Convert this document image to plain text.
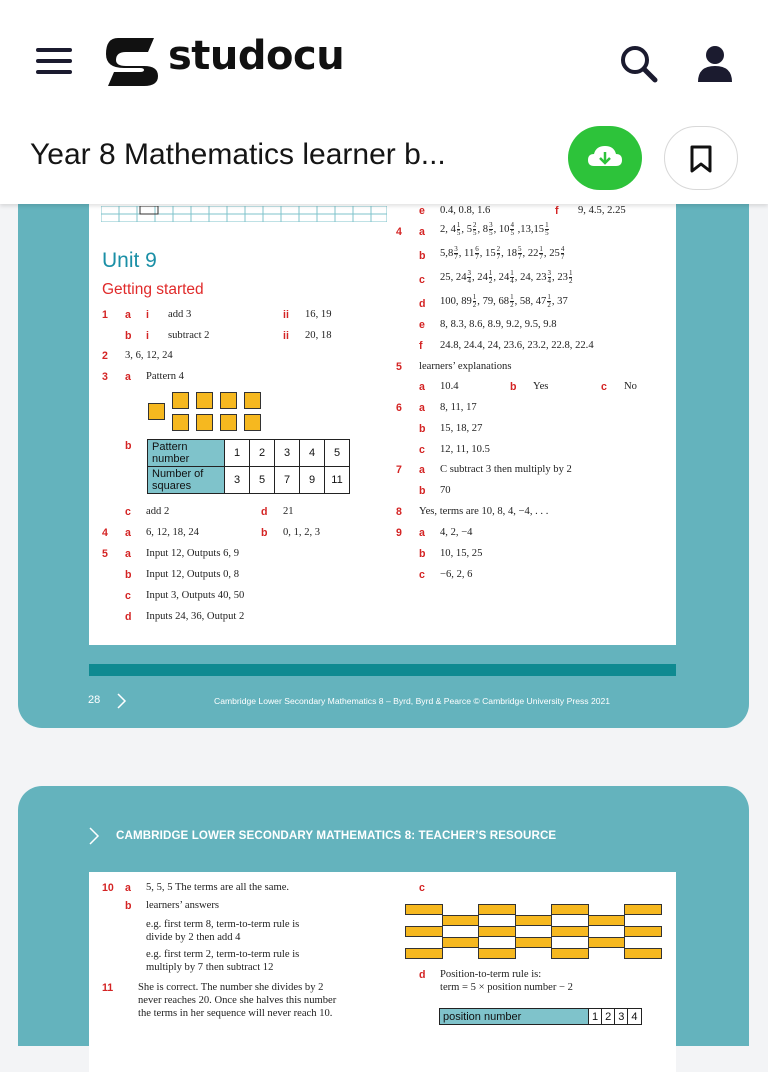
studocu
Year 8 Mathematics learner b...
Unit 9
Getting started
1 a i add 3	ii 16, 19
b i subtract 2	ii 20, 18
2 3, 6, 12, 24
3 a Pattern 4
b Pattern number	1	2	3	4	5
Number of squares	3	5	7	9	11
c add 2	d 21
4 a 6, 12, 18, 24	b 0, 1, 2, 3
5 a Input 12, Outputs 6, 9
b Input 12, Outputs 0, 8
c Input 3, Outputs 40, 50
d Inputs 24, 36, Output 2
e 0.4, 0.8, 1.6	f 9, 4.5, 2.25
4 a 2, $4 \frac{1}{5}$ , $5 \frac{2}{5}$ , $8 \frac{3}{5}$ , $10 \frac{4}{5} ,13,15 \frac{1}{5}$
b $5,8 \frac{3}{7}$ , $11 \frac{6}{7}$ , $15 \frac{2}{7}$ , $18 \frac{5}{7}$ , $22 \frac{1}{7}$ , $25 \frac{4}{7}$
c 25, $24 \frac{3}{4}$ , $24 \frac{1}{2}$ , $24 \frac{1}{4}$ , 24, $23 \frac{3}{4}$ , $23 \frac{1}{2}$
d 100, $89 \frac{1}{2}$ , 79, $68 \frac{1}{2}$ , 58, $47 \frac{1}{2}$ , 37
e 8, 8.3, 8.6, 8.9, 9.2, 9.5, 9.8
f 24.8, 24.4, 24, 23.6, 23.2, 22.8, 22.4
5 learners’ explanations
a 10.4	b Yes	c No
6 a 8, 11, 17
b 15, 18, 27
c 12, 11, 10.5
7 a C subtract 3 then multiply by 2
b 70
8 Yes, terms are 10, 8, 4, −4, . . .
9 a 4, 2, −4
b 10, 15, 25
c −6, 2, 6
28	Cambridge Lower Secondary Mathematics 8 – Byrd, Byrd & Pearce © Cambridge University Press 2021
CAMBRIDGE LOWER SECONDARY MATHEMATICS 8: TEACHER’S RESOURCE
10 a 5, 5, 5 The terms are all the same.
b learners’ answers
e.g. first term 8, term-to-term rule is
divide by 2 then add 4
e.g. first term 2, term-to-term rule is
multiply by 7 then subtract 12
11 She is correct. The number she divides by 2
never reaches 20. Once she halves this number
the terms in her sequence will never reach 10.
c
d Position-to-term rule is:
term = 5 × position number − 2
position number	1	2	3	4
